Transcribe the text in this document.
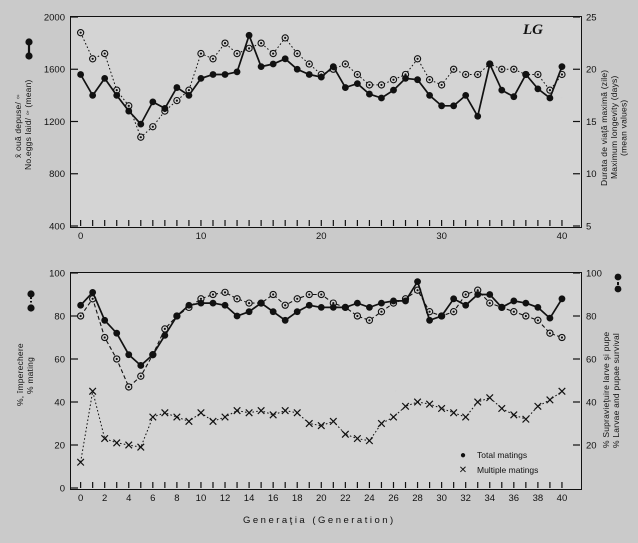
2000
1600
1200
800
400
25
20
15
10
5
0	10	20	30	40
LG
x̄ ouă depuse/♀
No.eggs laid/♀(mean)	Durata de viaţă maximă (zile)
Maximum longevity (days)
(mean values)
100
80
60
40
20
0
100
80
60
40
20
0 2 4 6 8 10 12 14 16 18 20 22 24 26 28 30 32 34 36 38 40
%, împerechere
% mating	% Supravieţuire larve şi pupe
% Larvae and pupae survival
●	Total matings
✕	Multiple matings
Generaţia (Generation)
